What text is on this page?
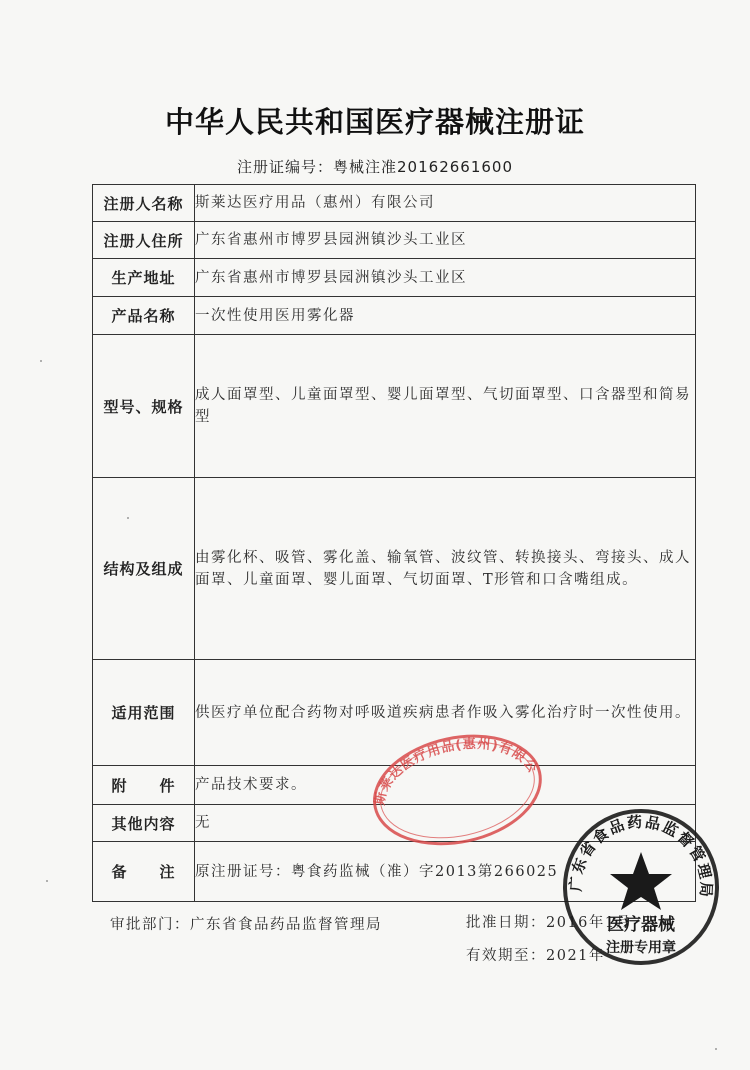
中华人民共和国医疗器械注册证
注册证编号：粤械注准20162661600
注册人名称	斯莱达医疗用品（惠州）有限公司
注册人住所	广东省惠州市博罗县园洲镇沙头工业区
生产地址	广东省惠州市博罗县园洲镇沙头工业区
产品名称	一次性使用医用雾化器
型号、规格	成人面罩型、儿童面罩型、婴儿面罩型、气切面罩型、口含器型和简易型
结构及组成	由雾化杯、吸管、雾化盖、输氧管、波纹管、转换接头、弯接头、成人面罩、儿童面罩、婴儿面罩、气切面罩、T形管和口含嘴组成。
适用范围	供医疗单位配合药物对呼吸道疾病患者作吸入雾化治疗时一次性使用。
附　　件	产品技术要求。
其他内容	无
备　　注	原注册证号：粤食药监械（准）字2013第266025
审批部门：广东省食品药品监督管理局	批准日期：2016年1月
有效期至：2021年
斯莱达医疗用品(惠州)有限公司
广东省食品药品监督管理局
医疗器械
注册专用章
